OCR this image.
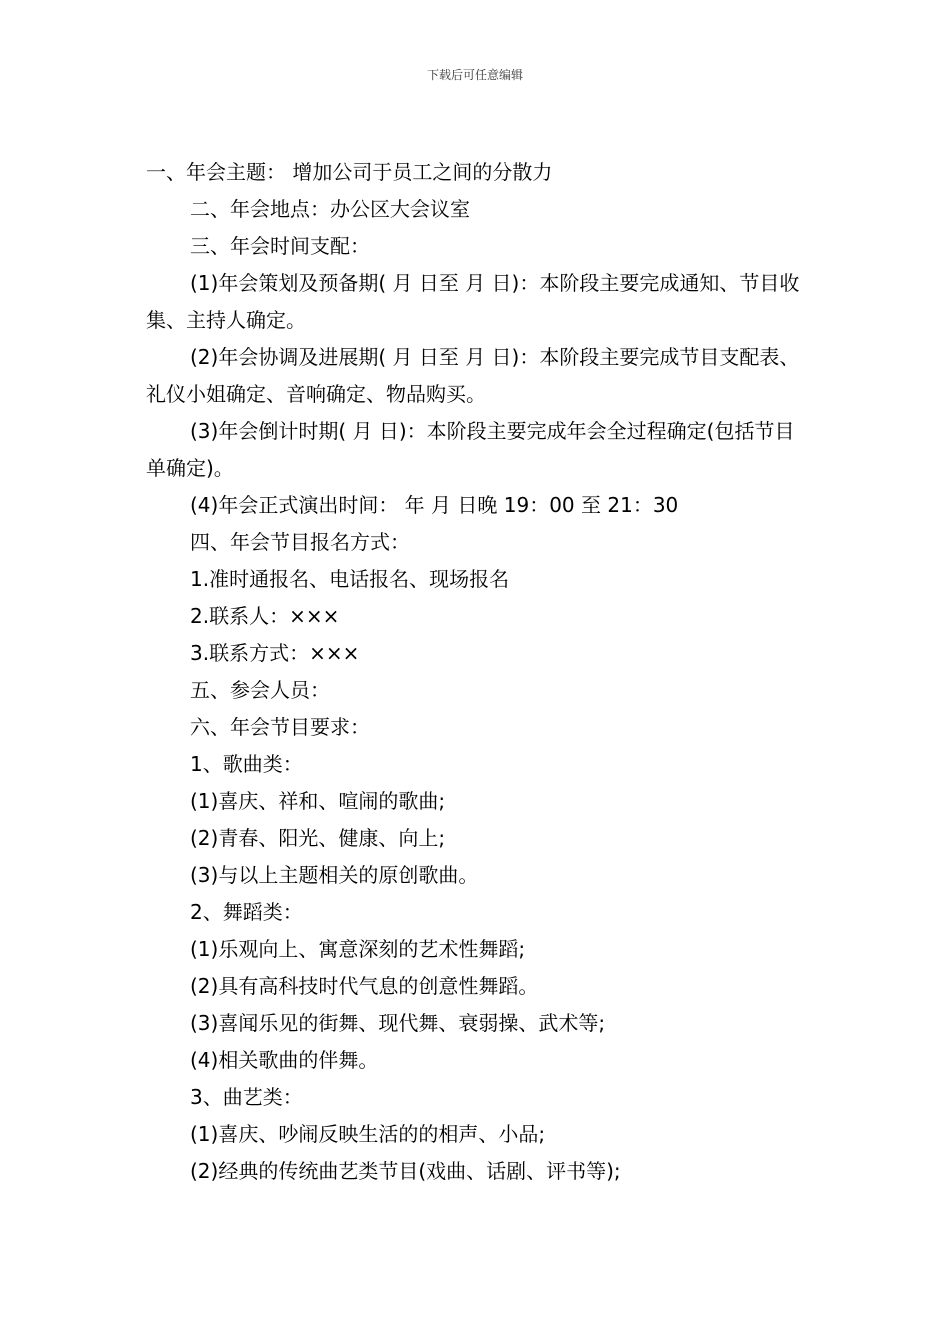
下载后可任意编辑

一、年会主题： 增加公司于员工之间的分散力

二、年会地点：办公区大会议室

三、年会时间支配：

(1)年会策划及预备期( 月 日至 月 日)：本阶段主要完成通知、节目收集、主持人确定。

(2)年会协调及进展期( 月 日至 月 日)：本阶段主要完成节目支配表、礼仪小姐确定、音响确定、物品购买。

(3)年会倒计时期( 月 日)：本阶段主要完成年会全过程确定(包括节目单确定)。

(4)年会正式演出时间： 年 月 日晚 19：00 至 21：30

四、年会节目报名方式：

1.准时通报名、电话报名、现场报名

2.联系人：×××

3.联系方式：×××

五、参会人员：

六、年会节目要求：

1、歌曲类：

(1)喜庆、祥和、喧闹的歌曲;

(2)青春、阳光、健康、向上;

(3)与以上主题相关的原创歌曲。

2、舞蹈类：

(1)乐观向上、寓意深刻的艺术性舞蹈;

(2)具有高科技时代气息的创意性舞蹈。

(3)喜闻乐见的街舞、现代舞、衰弱操、武术等;

(4)相关歌曲的伴舞。

3、曲艺类：

(1)喜庆、吵闹反映生活的的相声、小品;

(2)经典的传统曲艺类节目(戏曲、话剧、评书等);
